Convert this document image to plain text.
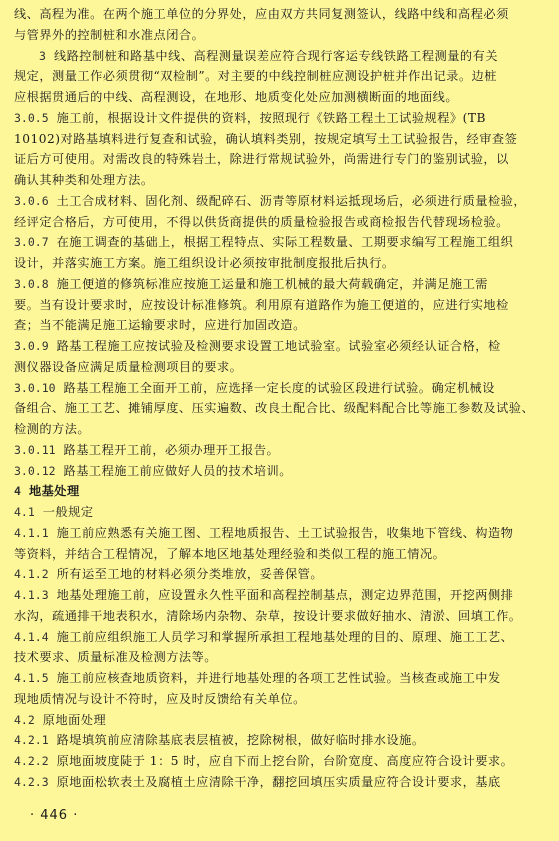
线、高程为准。在两个施工单位的分界处，应由双方共同复测签认，线路中线和高程必须
与管界外的控制桩和水准点闭合。
3 线路控制桩和路基中线、高程测量误差应符合现行客运专线铁路工程测量的有关
规定，测量工作必须贯彻“双检制”。对主要的中线控制桩应测设护桩并作出记录。边桩
应根据贯通后的中线、高程测设，在地形、地质变化处应加测横断面的地面线。
3.0.5 施工前，根据设计文件提供的资料，按照现行《铁路工程土工试验规程》(TB
10102)对路基填料进行复查和试验，确认填料类别，按规定填写土工试验报告，经审查签
证后方可使用。对需改良的特殊岩土，除进行常规试验外，尚需进行专门的鉴别试验，以
确认其种类和处理方法。
3.0.6 土工合成材料、固化剂、级配碎石、沥青等原材料运抵现场后，必须进行质量检验，
经评定合格后，方可使用，不得以供货商提供的质量检验报告或商检报告代替现场检验。
3.0.7 在施工调查的基础上，根据工程特点、实际工程数量、工期要求编写工程施工组织
设计，并落实施工方案。施工组织设计必须按审批制度报批后执行。
3.0.8 施工便道的修筑标准应按施工运量和施工机械的最大荷载确定，并满足施工需
要。当有设计要求时，应按设计标准修筑。利用原有道路作为施工便道的，应进行实地检
查；当不能满足施工运输要求时，应进行加固改造。
3.0.9 路基工程施工应按试验及检测要求设置工地试验室。试验室必须经认证合格，检
测仪器设备应满足质量检测项目的要求。
3.0.10 路基工程施工全面开工前，应选择一定长度的试验区段进行试验。确定机械设
备组合、施工工艺、摊铺厚度、压实遍数、改良土配合比、级配料配合比等施工参数及试验、
检测的方法。
3.0.11 路基工程开工前，必须办理开工报告。
3.0.12 路基工程施工前应做好人员的技术培训。
4 地基处理
4.1 一般规定
4.1.1 施工前应熟悉有关施工图、工程地质报告、土工试验报告，收集地下管线、构造物
等资料，并结合工程情况，了解本地区地基处理经验和类似工程的施工情况。
4.1.2 所有运至工地的材料必须分类堆放，妥善保管。
4.1.3 地基处理施工前，应设置永久性平面和高程控制基点，测定边界范围，开挖两侧排
水沟，疏通排干地表积水，清除场内杂物、杂草，按设计要求做好抽水、清淤、回填工作。
4.1.4 施工前应组织施工人员学习和掌握所承担工程地基处理的目的、原理、施工工艺、
技术要求、质量标准及检测方法等。
4.1.5 施工前应核查地质资料，并进行地基处理的各项工艺性试验。当核查或施工中发
现地质情况与设计不符时，应及时反馈给有关单位。
4.2 原地面处理
4.2.1 路堤填筑前应清除基底表层植被，挖除树根，做好临时排水设施。
4.2.2 原地面坡度陡于 1：5 时，应自下而上挖台阶，台阶宽度、高度应符合设计要求。
4.2.3 原地面松软表土及腐植土应清除干净，翻挖回填压实质量应符合设计要求，基底
· 446 ·
